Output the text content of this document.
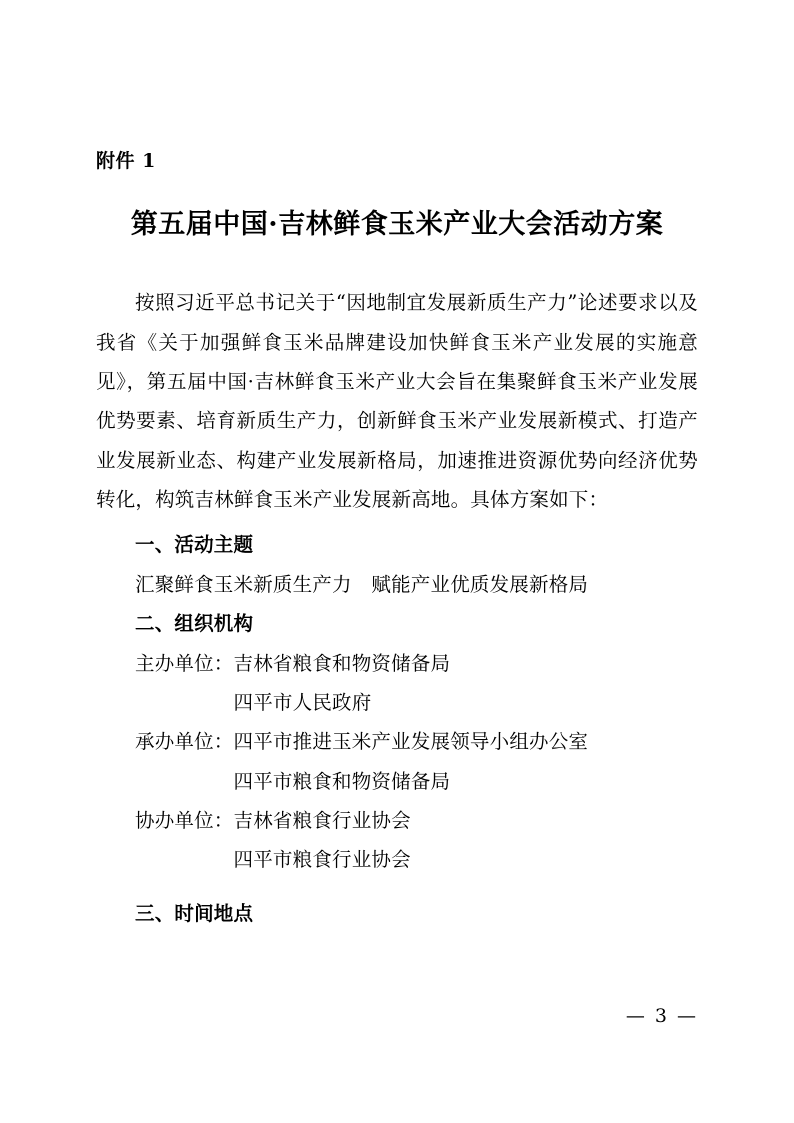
附件 1

第五届中国·吉林鲜食玉米产业大会活动方案

按照习近平总书记关于“因地制宜发展新质生产力”论述要求以及我省《关于加强鲜食玉米品牌建设加快鲜食玉米产业发展的实施意见》，第五届中国·吉林鲜食玉米产业大会旨在集聚鲜食玉米产业发展优势要素、培育新质生产力，创新鲜食玉米产业发展新模式、打造产业发展新业态、构建产业发展新格局，加速推进资源优势向经济优势转化，构筑吉林鲜食玉米产业发展新高地。具体方案如下：

一、活动主题

汇聚鲜食玉米新质生产力　赋能产业优质发展新格局

二、组织机构

主办单位： 吉林省粮食和物资储备局
四平市人民政府
承办单位： 四平市推进玉米产业发展领导小组办公室
四平市粮食和物资储备局
协办单位： 吉林省粮食行业协会
四平市粮食行业协会

三、时间地点

— 3 —
